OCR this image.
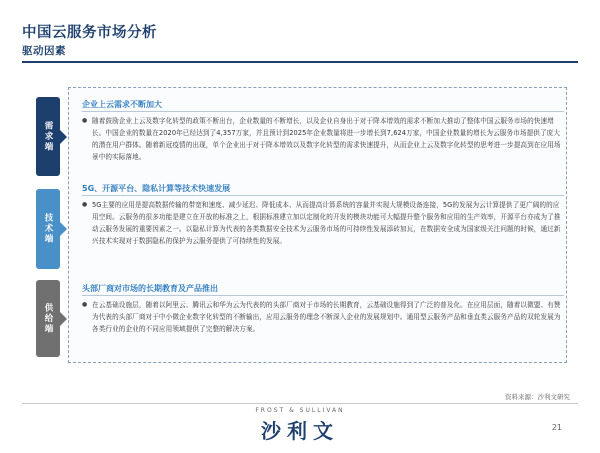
中国云服务市场分析
驱动因素
需求端
技术端
供给端
企业上云需求不断加大
● 随着鼓励企业上云及数字化转型的政策不断出台，企业数量的不断增长，以及企业自身出于对于降本增效的需求不断加大推动了整体中国云服务市场的快速增长。中国企业的数量在2020年已经达到了4,357万家，并且预计到2025年企业数量将进一步增长到7,624万家，中国企业数量的增长为云服务市场提供了庞大的潜在用户群体。随着新冠疫情的出现，单个企业出于对于降本增效以及数字化转型的需求快速提升，从而企业上云及数字化转型的思考进一步提高到在应用场景中的实际落地。
5G、开源平台、隐私计算等技术快速发展
● 5G主要的应用是提高数据传输的带宽和速度、减少延迟、降低成本、从而提高计算系统的容量并实现大规模设备连接，5G的发展为云计算提供了更广阔的的应用空间。云服务的很多功能是建立在开放的标准之上，根据标准建立加以定制化的开发的模块功能可大幅提升整个服务和应用的生产效率，开源平台亦成为了推动云服务发展的重要因素之一。以隐私计算为代表的各类数据安全技术为云服务市场的可持续性发展添砖加瓦，在数据安全成为国家级关注问题的时候，通过新兴技术实现对于数据隐私的保护为云服务提供了可持续性的发展。
头部厂商对市场的长期教育及产品推出
● 在云基础设施层，随着以阿里云、腾讯云和华为云为代表的的头部厂商对于市场的长期教育，云基础设施得到了广泛的普及化。在应用层面，随着以微盟、有赞为代表的头部厂商对于中小微企业数字化转型的不断输出，应用云服务的理念不断深入企业的发展规划中。通用型云服务产品和垂直类云服务产品的双轮发展为各类行业的企业的不同应用领域提供了完整的解决方案。
资料来源：沙利文研究
FROST & SULLIVAN
沙利文	21
